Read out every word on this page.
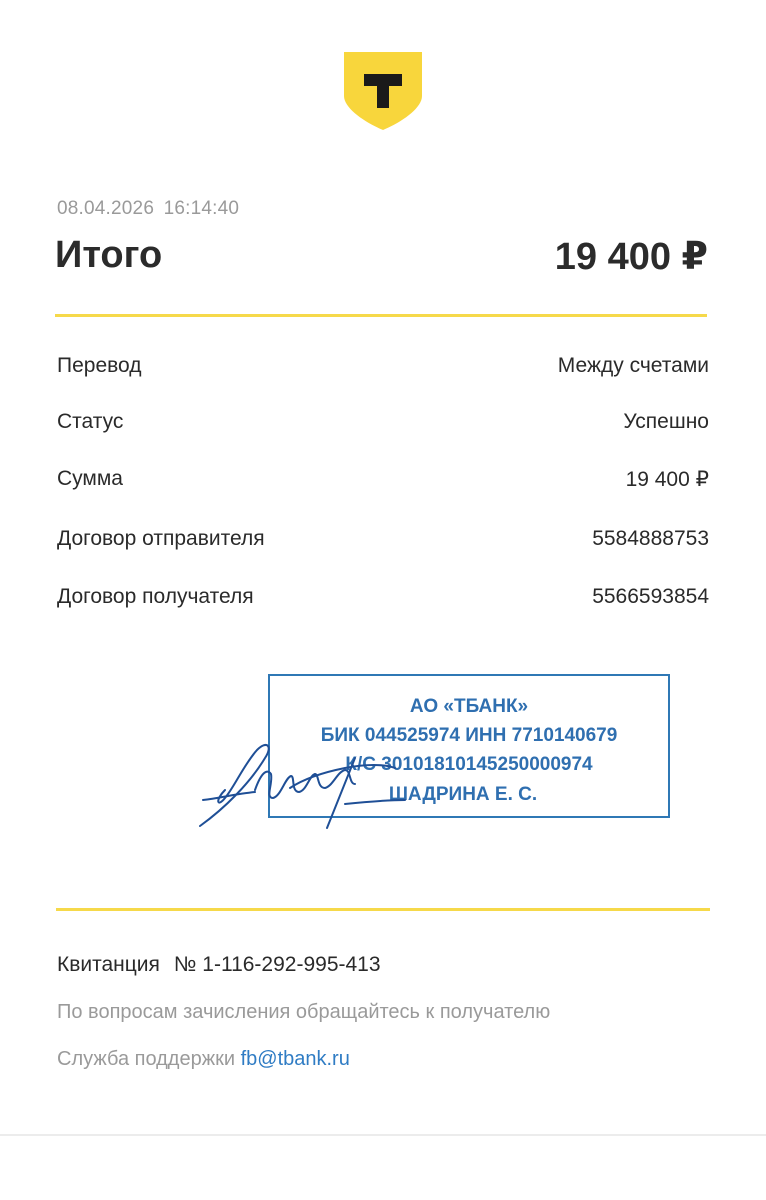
08.04.2026 16:14:40
Итого	19 400 ₽
Перевод	Между счетами
Статус	Успешно
Сумма	19 400 ₽
Договор отправителя	5584888753
Договор получателя	5566593854
АО «ТБАНК»
БИК 044525974 ИНН 7710140679
К/С 30101810145250000974
ШАДРИНА Е. С.
Квитанция № 1-116-292-995-413
По вопросам зачисления обращайтесь к получателю
Служба поддержки fb@tbank.ru
